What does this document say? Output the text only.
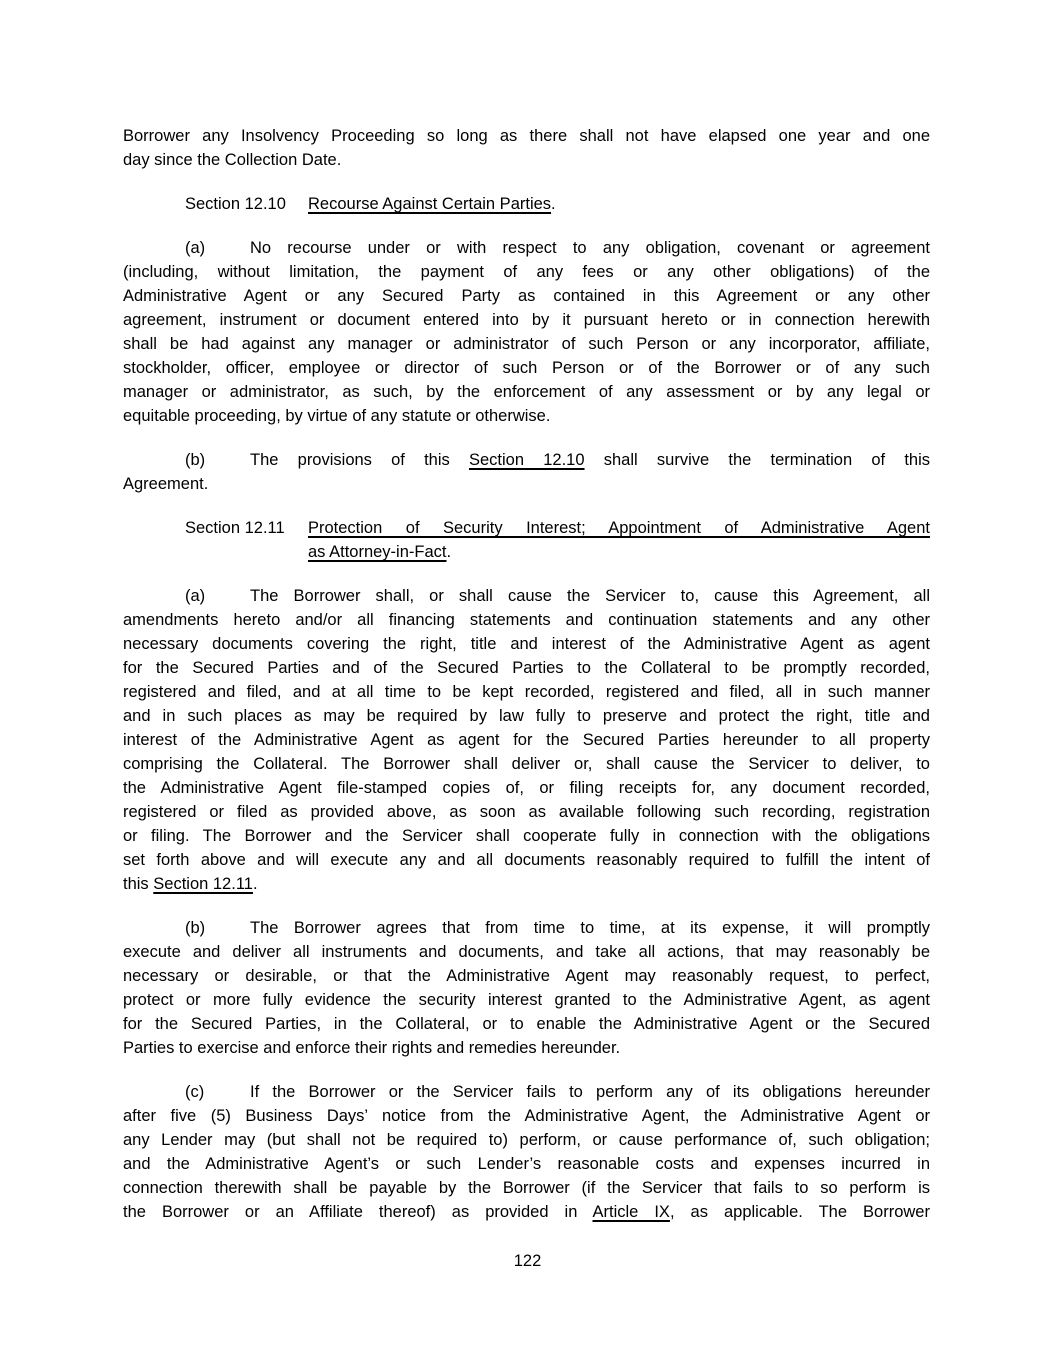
Borrower any Insolvency Proceeding so long as there shall not have elapsed one year and one
day since the Collection Date.
Section 12.10	Recourse Against Certain Parties.
(a)	No recourse under or with respect to any obligation, covenant or agreement
(including, without limitation, the payment of any fees or any other obligations) of the
Administrative Agent or any Secured Party as contained in this Agreement or any other
agreement, instrument or document entered into by it pursuant hereto or in connection herewith
shall be had against any manager or administrator of such Person or any incorporator, affiliate,
stockholder, officer, employee or director of such Person or of the Borrower or of any such
manager or administrator, as such, by the enforcement of any assessment or by any legal or
equitable proceeding, by virtue of any statute or otherwise.
(b)	The provisions of this Section 12.10 shall survive the termination of this
Agreement.
Section 12.11	Protection of Security Interest; Appointment of Administrative Agent
as Attorney-in-Fact.
(a)	The Borrower shall, or shall cause the Servicer to, cause this Agreement, all
amendments hereto and/or all financing statements and continuation statements and any other
necessary documents covering the right, title and interest of the Administrative Agent as agent
for the Secured Parties and of the Secured Parties to the Collateral to be promptly recorded,
registered and filed, and at all time to be kept recorded, registered and filed, all in such manner
and in such places as may be required by law fully to preserve and protect the right, title and
interest of the Administrative Agent as agent for the Secured Parties hereunder to all property
comprising the Collateral. The Borrower shall deliver or, shall cause the Servicer to deliver, to
the Administrative Agent file-stamped copies of, or filing receipts for, any document recorded,
registered or filed as provided above, as soon as available following such recording, registration
or filing. The Borrower and the Servicer shall cooperate fully in connection with the obligations
set forth above and will execute any and all documents reasonably required to fulfill the intent of
this Section 12.11.
(b)	The Borrower agrees that from time to time, at its expense, it will promptly
execute and deliver all instruments and documents, and take all actions, that may reasonably be
necessary or desirable, or that the Administrative Agent may reasonably request, to perfect,
protect or more fully evidence the security interest granted to the Administrative Agent, as agent
for the Secured Parties, in the Collateral, or to enable the Administrative Agent or the Secured
Parties to exercise and enforce their rights and remedies hereunder.
(c)	If the Borrower or the Servicer fails to perform any of its obligations hereunder
after five (5) Business Days’ notice from the Administrative Agent, the Administrative Agent or
any Lender may (but shall not be required to) perform, or cause performance of, such obligation;
and the Administrative Agent’s or such Lender’s reasonable costs and expenses incurred in
connection therewith shall be payable by the Borrower (if the Servicer that fails to so perform is
the Borrower or an Affiliate thereof) as provided in Article IX, as applicable. The Borrower
122
